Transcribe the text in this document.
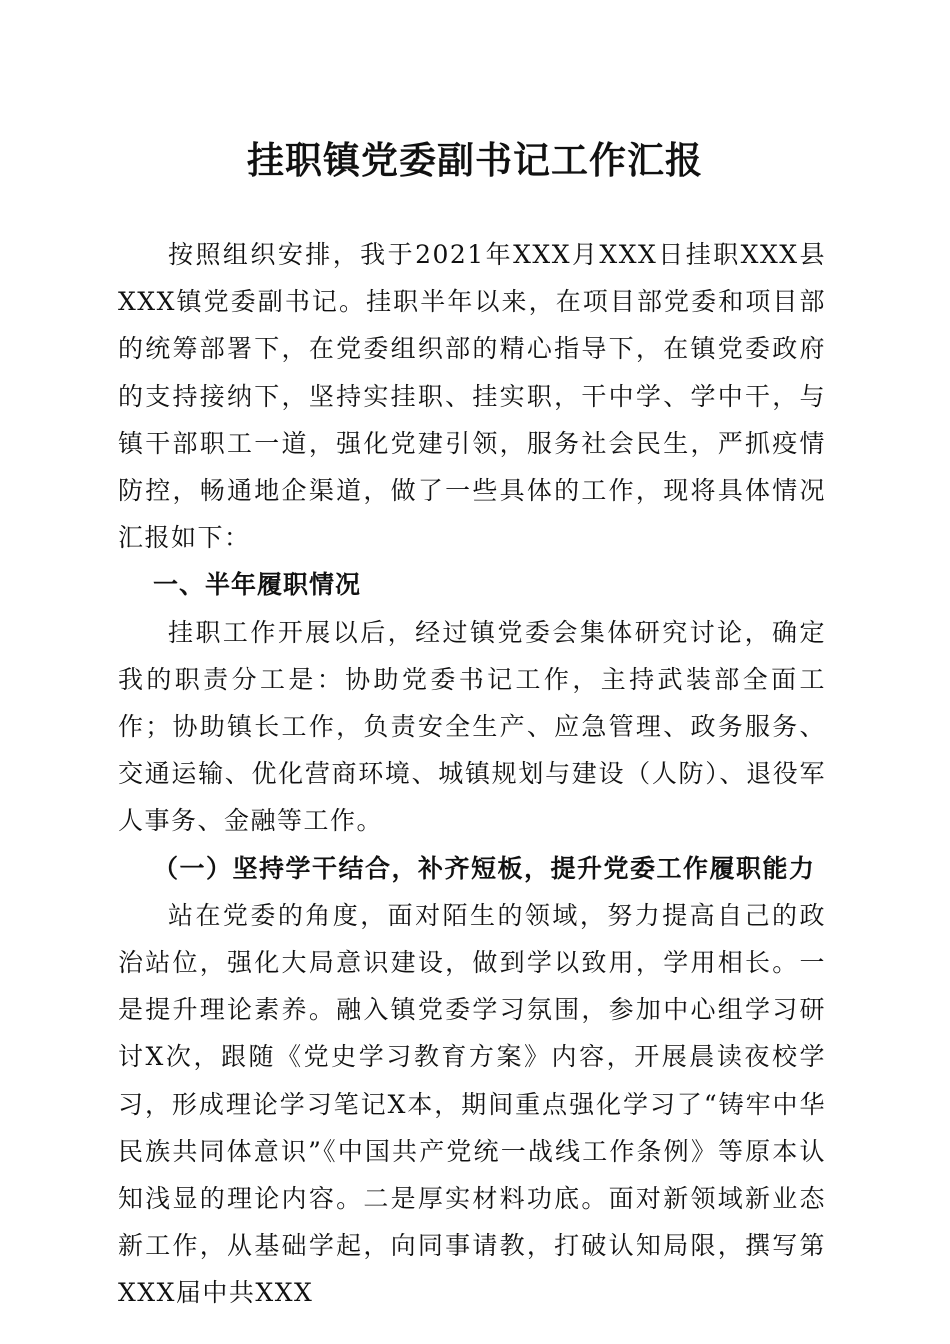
挂职镇党委副书记工作汇报

按照组织安排，我于2021年XXX月XXX日挂职XXX县XXX镇党委副书记。挂职半年以来，在项目部党委和项目部的统筹部署下，在党委组织部的精心指导下，在镇党委政府的支持接纳下，坚持实挂职、挂实职，干中学、学中干，与镇干部职工一道，强化党建引领，服务社会民生，严抓疫情防控，畅通地企渠道，做了一些具体的工作，现将具体情况汇报如下：

一、半年履职情况

挂职工作开展以后，经过镇党委会集体研究讨论，确定我的职责分工是：协助党委书记工作，主持武装部全面工作；协助镇长工作，负责安全生产、应急管理、政务服务、交通运输、优化营商环境、城镇规划与建设（人防）、退役军人事务、金融等工作。

（一）坚持学干结合，补齐短板，提升党委工作履职能力

站在党委的角度，面对陌生的领域，努力提高自己的政治站位，强化大局意识建设，做到学以致用，学用相长。一是提升理论素养。融入镇党委学习氛围，参加中心组学习研讨X次，跟随《党史学习教育方案》内容，开展晨读夜校学习，形成理论学习笔记X本，期间重点强化学习了“铸牢中华民族共同体意识”《中国共产党统一战线工作条例》等原本认知浅显的理论内容。二是厚实材料功底。面对新领域新业态新工作，从基础学起，向同事请教，打破认知局限，撰写第XXX届中共XXX
